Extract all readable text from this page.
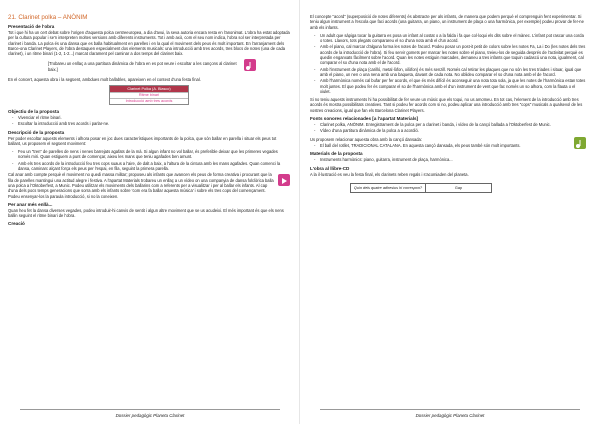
21. Clarinet polka – ANÒNIM
Presentació de l'obra

Tot i que hi ha un cert debat sobre l'origen d'aquesta polca centreeuropea, a dia d'avui, la seva autoria encara resta en l'anonimat. L'obra ha estat adoptada per la cultura popular i se'n interpreten moltes versions amb diferents instruments. Tot i amb axò, com el seu nom indica, l'obra sol ser interpretada per clarinet i banda. La polca és una dansa que es balla habitualment en parelles i en la qual el moviment dels peus és molt important. En l'arranjament dels Barce-ona Clarinet Players, de l'obra destaquen especialment dos elements musicals: una introducció amb tres acords, tres blocs de notes (una de cada clarinet), i un ritme binari (1-2, 1-2...) marcat clarament pel caminar a dos temps del clarinet baix.

[Trobareu un enllaç a una partitura dinàmica de l'obra en es pot veure i escoltar a les cançons al clarinet baix.]

En el concert, aquesta obra i la següent, ambdues molt ballables, apareixen en el context d'una festa final.

Clarinet Polka (A. Blasco)
Ritme binari
Introducció amb tres acords
Objectiu de la proposta
- Vivenciar el ritme binari.
- Escoltar la introducció amb tres acords i parlar-ne.
Descripció de la proposta

Per poder escoltar aquests elements i alhora posar en joc dues característiques importants de la polca, que són ballar en parella i situar els peus tot ballant, us proposem el següent moviment:

- Feu un "tren" de parelles de nens i nenes barrejats agafats de la mà. Si algun infant no vol ballar, és preferible deixar que les primeres vegades només miri. Quan estiguem a punt de començar, aixeu les mans que teniu agafades ben amunt.
- Amb els tres acords de la introducció feu tres cops suaus a l'aire, de dalt a baix, a l'altura de la cintura amb les mans agafades. Quan comenci la dansa, caminarc alçant força els peus per l'espai, en fila, seguint la primera parella.

Cal anar amb compte perquè el moviment no quedi massa militar; proposeu als infants que avancen els peus de forma creativa i procurant que la fila de parelles mantingui una actitud alegre i festiva. A l'apartat Materials trobareu un enllaç a un vídeo on una companyia de dansa folclòrica balla una polca a l'Oktoberfest, a Munic. Podeu utilitzar els moviments dels ballarins com a referents per a visualitzar i per al ballar els infants. Al cap d'una dels pocs temps generacions que sorra amb els infants sobre 'com era fa ballar aquesta música' i sobre els tres cops del començament. Podeu ensenyar-los la paraula introducció, si no la coneixen.

Per anar més enllà...

Quan heu fet la dansa diverses vegades, podeu introduir-hi canvis de sentit i algun altre moviment que se us acudeixi. El més important és que els nens ballin seguint el ritme binari de l'obra.

Creació
Dossier pedagògic Planeta Clarinet

El concepte "acord" (superposició de notes diferents) és abstracte per als infants, de manera que podem perquè el comprenguin fent experimentar. Si teniu algun instrument a l'escola que faci acords (una guitarra, un piano, un instrument de plaça o una harmònica, per exemple) podeu provar de fer-ne amb els infants.

- Un adult que sàpiga tocar la guitarra es posa un infant al costat o a la falda i fa que col·loqui els dits sobre el mànec. L'infant pot rascar una corda o totes. Llavors, tots plegats comparareu el so d'una nota amb el d'un acord.
- Amb el piano, cal marcar d'alguna forma les notes de l'acord. Podeu posar un post-it petit de colors sobre les notes Fa, La i Do (les notes dels tres acords de la introducció de l'obra). Si feu servir gomets per marcar les notes sobre el piano, treieu-los de seguida després de l'activitat perquè es quedin enganxats fàcilment sobre l'acord. Quan les notes estiguin marcades, demaneu a tres infants que toquin cadascú una nota, igualment, cal comparar el so d'una nota amb el de l'acord.
- Amb l'instrument de plaça (carilló, metal·lòfon, xilòfon) és més senzill. Només cal retirar les plaques que no són les tres triades i situar, igual que amb el piano, un nen o una nena amb una baqueta, davant de cada nota. No oblideu comparar el so d'una nota amb el de l'acord.
- Amb l'harmònica només cal bufar per fer acords, el que és més difícil és aconseguir una nota tota sola, ja que les notes de l'harmònica estan totes molt juntes. El que podeu fer és comparar el so de l'harmònica amb el d'un instrument de vent que fac només un so alhora, com la flauta o el xiulet.

Si no teniu aquests instruments hi ha possibilitat de fer veure un músic que els toqui, no us amoïneu. En tot cas, l'element de la introducció amb tres acords és mostra possibilitats creatives. Tant si podeu fer acords com si no, podeu aplicar una introducció amb tres "cops" musicals a qualsevol de les vostres creacions, igual que fan els Barcelona Clarinet Players.

Fonts sonores relacionades [a l'apartat Materials]
- Clarinet polka, ANÒNIM. Enregistrament de la polca per a clarinet i banda, i vídeo de la cançó ballada a l'Oktoberfest de Munic.
- Vídeo d'una partitura dinàmica de la polca a a acordió.

Us proposem relacionar aquesta obra amb la cançó dansada:

- El ball del rotllet, TRADICIONAL CATALANA. En aquesta cançó dansada, els peus també són molt importants.
Materials de la proposta
- Instruments harmònics: piano, guitarra, instrument de plaça, harmònica...
L'obra al llibre-CD

A la il·lustració es veu la festa final, els clarinets reben regals i s'acomiaden del planeta.

Quin dels quatre adhesius hi correspon?	Gap
Dossier pedagògic Planeta Clarinet
